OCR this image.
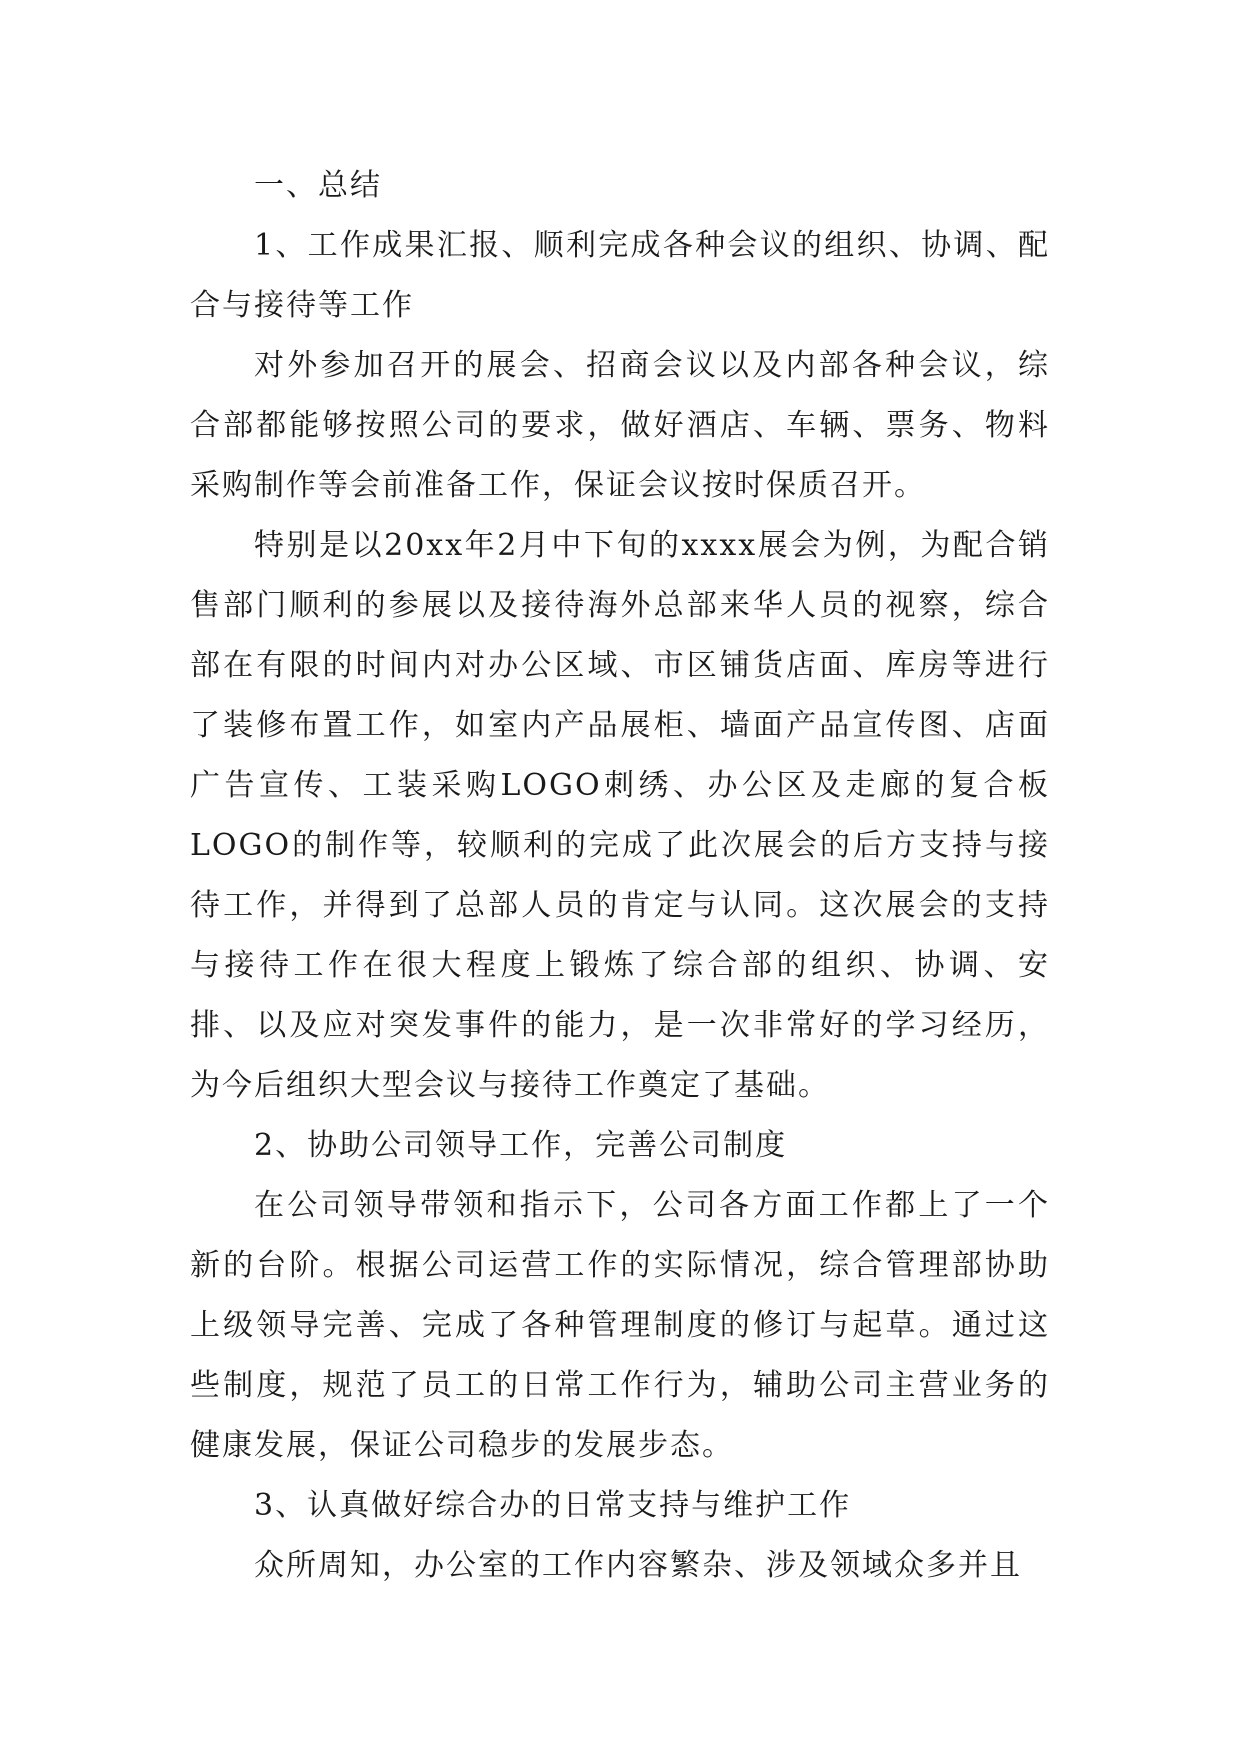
一、总结

1、工作成果汇报、顺利完成各种会议的组织、协调、配合与接待等工作

对外参加召开的展会、招商会议以及内部各种会议，综合部都能够按照公司的要求，做好酒店、车辆、票务、物料采购制作等会前准备工作，保证会议按时保质召开。

特别是以20xx年2月中下旬的xxxx展会为例，为配合销售部门顺利的参展以及接待海外总部来华人员的视察，综合部在有限的时间内对办公区域、市区铺货店面、库房等进行了装修布置工作，如室内产品展柜、墙面产品宣传图、店面广告宣传、工装采购LOGO刺绣、办公区及走廊的复合板LOGO的制作等，较顺利的完成了此次展会的后方支持与接待工作，并得到了总部人员的肯定与认同。这次展会的支持与接待工作在很大程度上锻炼了综合部的组织、协调、安排、以及应对突发事件的能力，是一次非常好的学习经历，为今后组织大型会议与接待工作奠定了基础。

2、协助公司领导工作，完善公司制度

在公司领导带领和指示下，公司各方面工作都上了一个新的台阶。根据公司运营工作的实际情况，综合管理部协助上级领导完善、完成了各种管理制度的修订与起草。通过这些制度，规范了员工的日常工作行为，辅助公司主营业务的健康发展，保证公司稳步的发展步态。

3、认真做好综合办的日常支持与维护工作

众所周知，办公室的工作内容繁杂、涉及领域众多并且
